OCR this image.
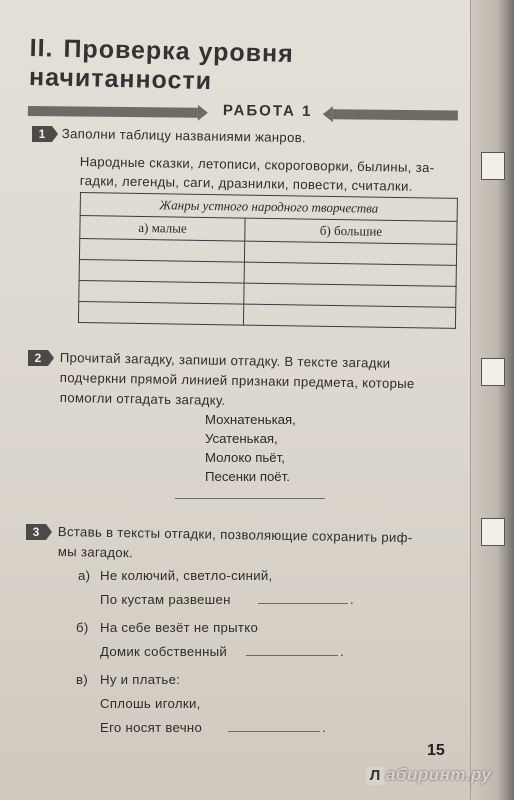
II. Проверка уровня начитанности
РАБОТА 1
1	Заполни таблицу названиями жанров.
Народные сказки, летописи, скороговорки, былины, за-
гадки, легенды, саги, дразнилки, повести, считалки.
Жанры устного народного творчества	
а) малые	б) большие

2	Прочитай загадку, запиши отгадку. В тексте загадки
подчеркни прямой линией признаки предмета, которые
помогли отгадать загадку.
Мохнатенькая,
Усатенькая,
Молоко пьёт,
Песенки поёт.
3	Вставь в тексты отгадки, позволяющие сохранить риф-
мы загадок.
а) Не колючий, светло-синий,
По кустам развешен	.
б) На себе везёт не прытко
Домик собственный	.
в) Ну и платье:
Сплошь иголки,
Его носят вечно	.
15
Л абиринт.ру
